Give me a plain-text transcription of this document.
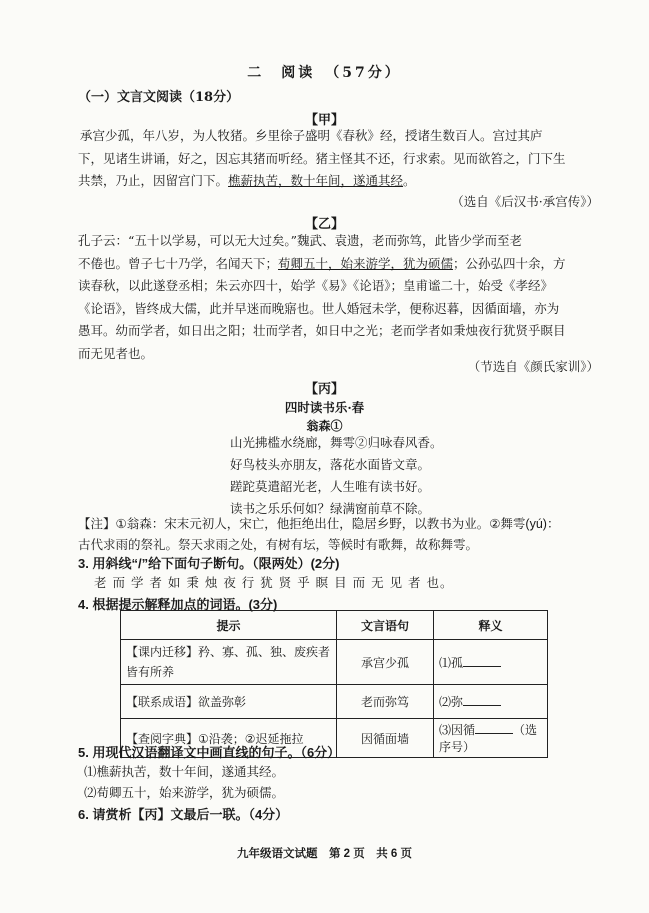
二　阅读　（57分）
（一）文言文阅读（18分）
【甲】
承宫少孤，年八岁，为人牧猪。乡里徐子盛明《春秋》经，授诸生数百人。宫过其庐
下，见诸生讲诵，好之，因忘其猪而听经。猪主怪其不还，行求索。见而欲笞之，门下生
共禁，乃止，因留宫门下。樵薪执苦，数十年间，遂通其经。
（选自《后汉书·承宫传》）
【乙】
孔子云：“五十以学易，可以无大过矣。”魏武、袁遗，老而弥笃，此皆少学而至老
不倦也。曾子七十乃学，名闻天下；荀卿五十，始来游学，犹为硕儒；公孙弘四十余，方
读春秋，以此遂登丞相；朱云亦四十，始学《易》《论语》；皇甫谧二十，始受《孝经》
《论语》，皆终成大儒，此并早迷而晚寤也。世人婚冠未学，便称迟暮，因循面墙，亦为
愚耳。幼而学者，如日出之阳；壮而学者，如日中之光；老而学者如秉烛夜行犹贤乎瞑目
而无见者也。
（节选自《颜氏家训》）
【丙】
四时读书乐·春
翁森①
山光拂槛水绕廊，舞雩②归咏春风香。
好鸟枝头亦朋友，落花水面皆文章。
蹉跎莫遣韶光老，人生唯有读书好。
读书之乐乐何如？绿满窗前草不除。
【注】①翁森：宋末元初人，宋亡，他拒绝出仕，隐居乡野，以教书为业。②舞雩(yú)：
古代求雨的祭礼。祭天求雨之处，有树有坛，等候时有歌舞，故称舞雩。
3. 用斜线“/”给下面句子断句。（限两处）(2分)
老 而 学 者 如 秉 烛 夜 行 犹 贤 乎 瞑 目 而 无 见 者 也。
4. 根据提示解释加点的词语。(3分)
提示	文言语句	释义
【课内迁移】矜、寡、孤、独、废疾者皆有所养	承宫少孤	⑴孤
【联系成语】欲盖弥彰	老而弥笃	⑵弥
【查阅字典】①沿袭；②迟延拖拉	因循面墙	⑶因循 （选序号）
5. 用现代汉语翻译文中画直线的句子。（6分）
⑴樵薪执苦，数十年间，遂通其经。
⑵荀卿五十，始来游学，犹为硕儒。
6. 请赏析【丙】文最后一联。（4分）
九年级语文试题　第 2 页　共 6 页
